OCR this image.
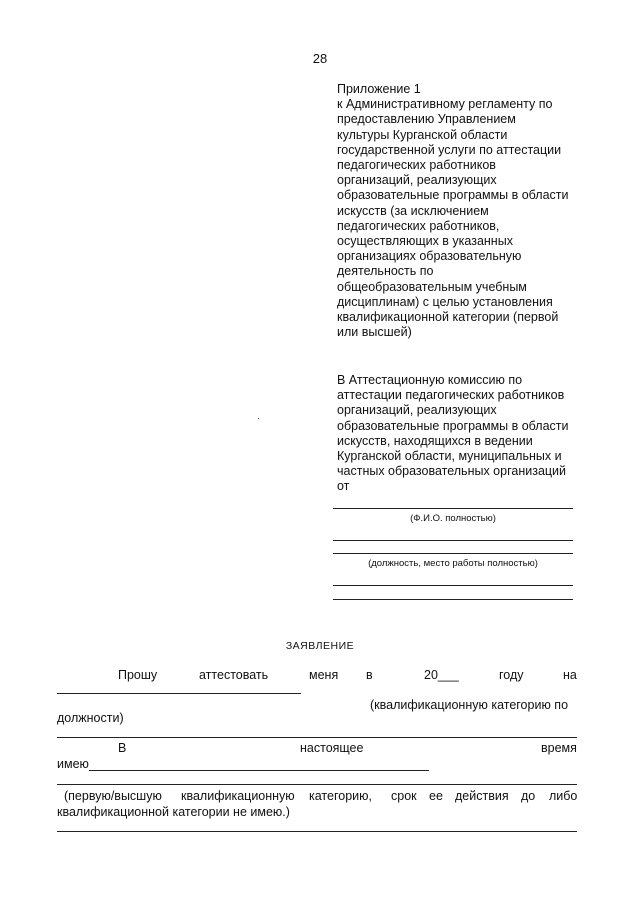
28
Приложение 1
к Административному регламенту по
предоставлению Управлением
культуры Курганской области
государственной услуги по аттестации
педагогических работников
организаций, реализующих
образовательные программы в области
искусств (за исключением
педагогических работников,
осуществляющих в указанных
организациях образовательную
деятельность по
общеобразовательным учебным
дисциплинам) с целью установления
квалификационной категории (первой
или высшей)
В Аттестационную комиссию по
аттестации педагогических работников
организаций, реализующих
образовательные программы в области
искусств, находящихся в ведении
Курганской области, муниципальных и
частных образовательных организаций
от
(Ф.И.О. полностью)
(должность, место работы полностью)
ЗАЯВЛЕНИЕ
Прошу	аттестовать	меня в	20___	году	на
(квалификационную категорию по
должности)
В	настоящее	время
имею
(первую/высшую квалификационную категорию, срок ее действия до либо
квалификационной категории не имею.)
